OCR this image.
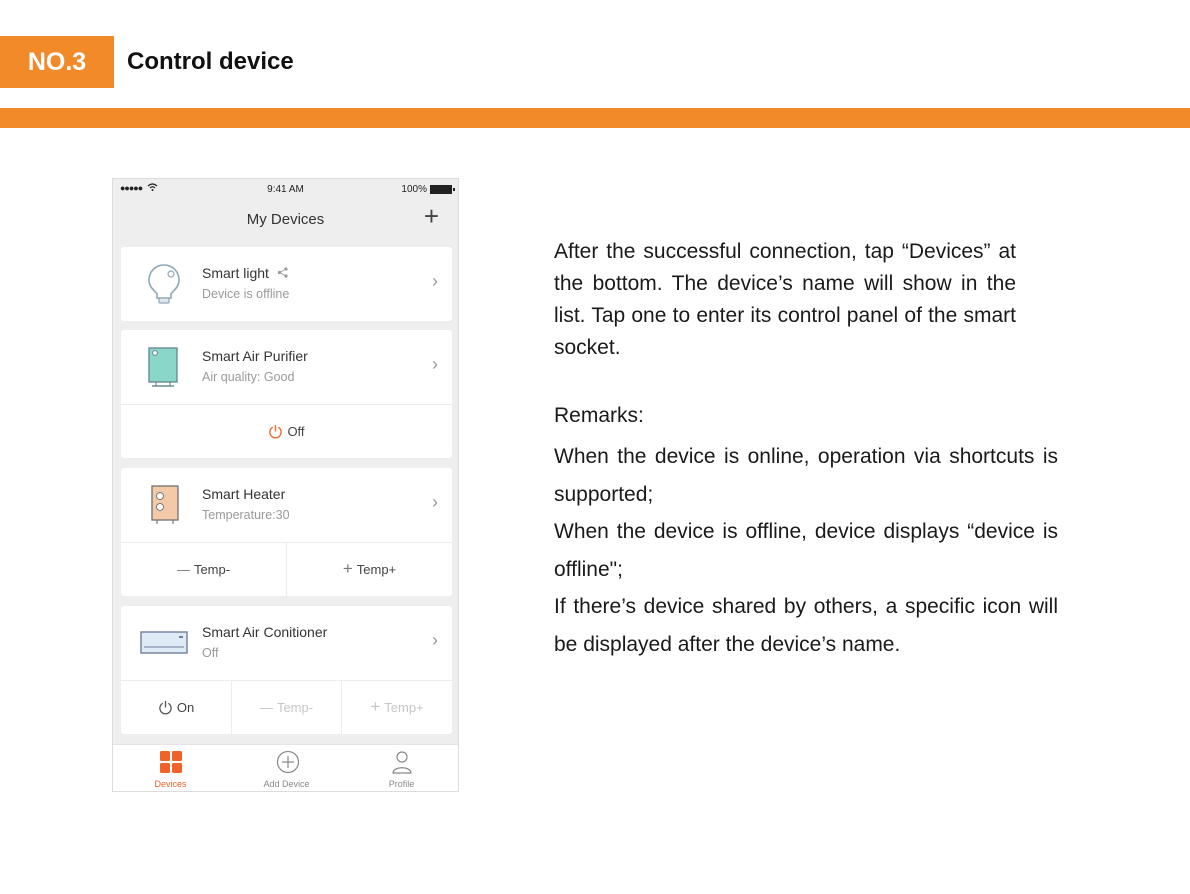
NO.3	Control device
●●●●●	9:41 AM	100%
My Devices	+
Smart light
Device is offline
›
Smart Air Purifier
Air quality: Good
›
Off
Smart Heater
Temperature:30
›
— Temp-	+ Temp+
Smart Air Conitioner
Off
›
On	— Temp-	+ Temp+
Devices	Add Device	Profile
After the successful connection, tap “Devices” at the bottom. The device’s name will show in the list. Tap one to enter its control panel of the smart socket.
Remarks:
When the device is online, operation via shortcuts is supported;
When the device is offline, device displays “device is offline";
If there’s device shared by others, a specific icon will be displayed after the device’s name.
